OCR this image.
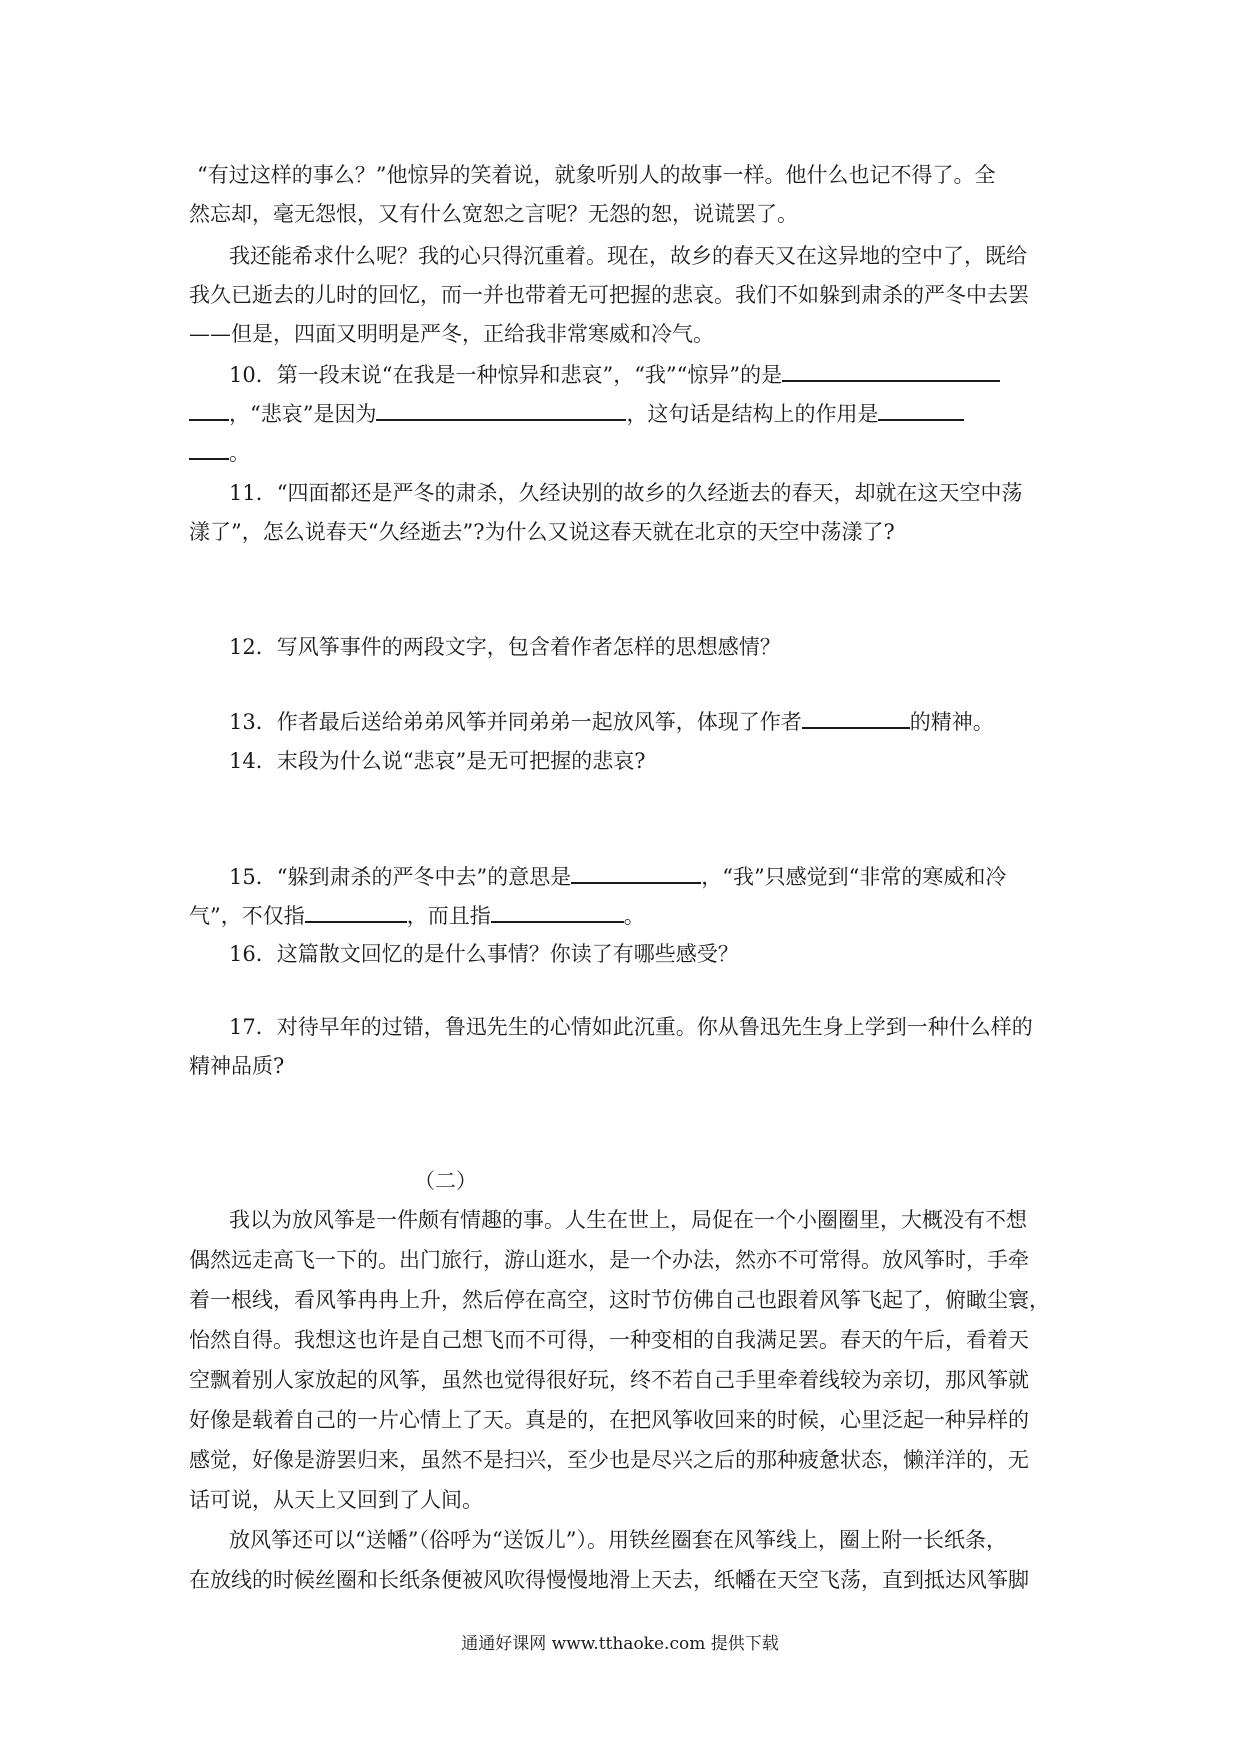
“有过这样的事么？”他惊异的笑着说，就象听别人的故事一样。他什么也记不得了。全
然忘却，毫无怨恨，又有什么宽恕之言呢？无怨的恕，说谎罢了。
我还能希求什么呢？我的心只得沉重着。现在，故乡的春天又在这异地的空中了，既给
我久已逝去的儿时的回忆，而一并也带着无可把握的悲哀。我们不如躲到肃杀的严冬中去罢
——但是，四面又明明是严冬，正给我非常寒威和冷气。
10．第一段末说“在我是一种惊异和悲哀”，“我”“惊异”的是
，“悲哀”是因为	，这句话是结构上的作用是
。
11．“四面都还是严冬的肃杀，久经诀别的故乡的久经逝去的春天，却就在这天空中荡
漾了”，怎么说春天“久经逝去”?为什么又说这春天就在北京的天空中荡漾了?
12．写风筝事件的两段文字，包含着作者怎样的思想感情？
13．作者最后送给弟弟风筝并同弟弟一起放风筝，体现了作者	的精神。
14．末段为什么说“悲哀”是无可把握的悲哀?
15．“躲到肃杀的严冬中去”的意思是	，“我”只感觉到“非常的寒威和冷
气”，不仅指	，而且指	。
16．这篇散文回忆的是什么事情？你读了有哪些感受？
17．对待早年的过错，鲁迅先生的心情如此沉重。你从鲁迅先生身上学到一种什么样的
精神品质?
（二）
我以为放风筝是一件颇有情趣的事。人生在世上，局促在一个小圈圈里，大概没有不想
偶然远走高飞一下的。出门旅行，游山逛水，是一个办法，然亦不可常得。放风筝时，手牵
着一根线，看风筝冉冉上升，然后停在高空，这时节仿佛自己也跟着风筝飞起了，俯瞰尘寰，
怡然自得。我想这也许是自己想飞而不可得，一种变相的自我满足罢。春天的午后，看着天
空飘着别人家放起的风筝，虽然也觉得很好玩，终不若自己手里牵着线较为亲切，那风筝就
好像是载着自己的一片心情上了天。真是的，在把风筝收回来的时候，心里泛起一种异样的
感觉，好像是游罢归来，虽然不是扫兴，至少也是尽兴之后的那种疲惫状态，懒洋洋的，无
话可说，从天上又回到了人间。
放风筝还可以“送幡”（俗呼为“送饭儿”）。用铁丝圈套在风筝线上，圈上附一长纸条，
在放线的时候丝圈和长纸条便被风吹得慢慢地滑上天去，纸幡在天空飞荡，直到抵达风筝脚
通通好课网 www.tthaoke.com 提供下载
